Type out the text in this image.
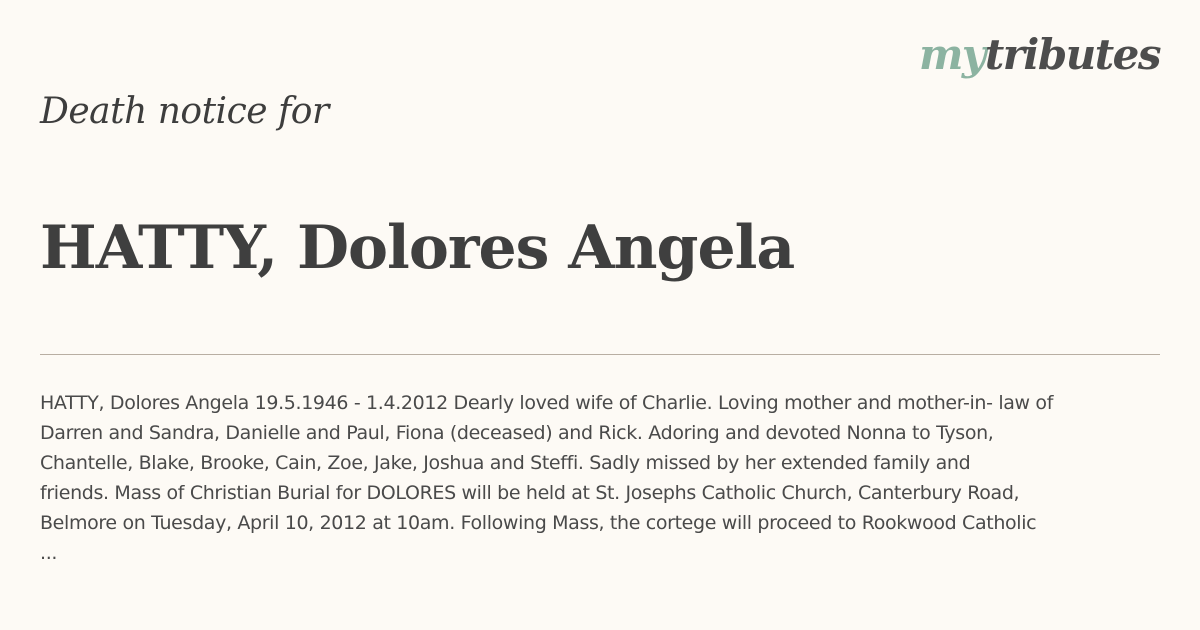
mytributes
Death notice for
HATTY, Dolores Angela
HATTY, Dolores Angela 19.5.1946 - 1.4.2012 Dearly loved wife of Charlie. Loving mother and mother-in- law of
Darren and Sandra, Danielle and Paul, Fiona (deceased) and Rick. Adoring and devoted Nonna to Tyson,
Chantelle, Blake, Brooke, Cain, Zoe, Jake, Joshua and Steffi. Sadly missed by her extended family and
friends. Mass of Christian Burial for DOLORES will be held at St. Josephs Catholic Church, Canterbury Road,
Belmore on Tuesday, April 10, 2012 at 10am. Following Mass, the cortege will proceed to Rookwood Catholic
...
